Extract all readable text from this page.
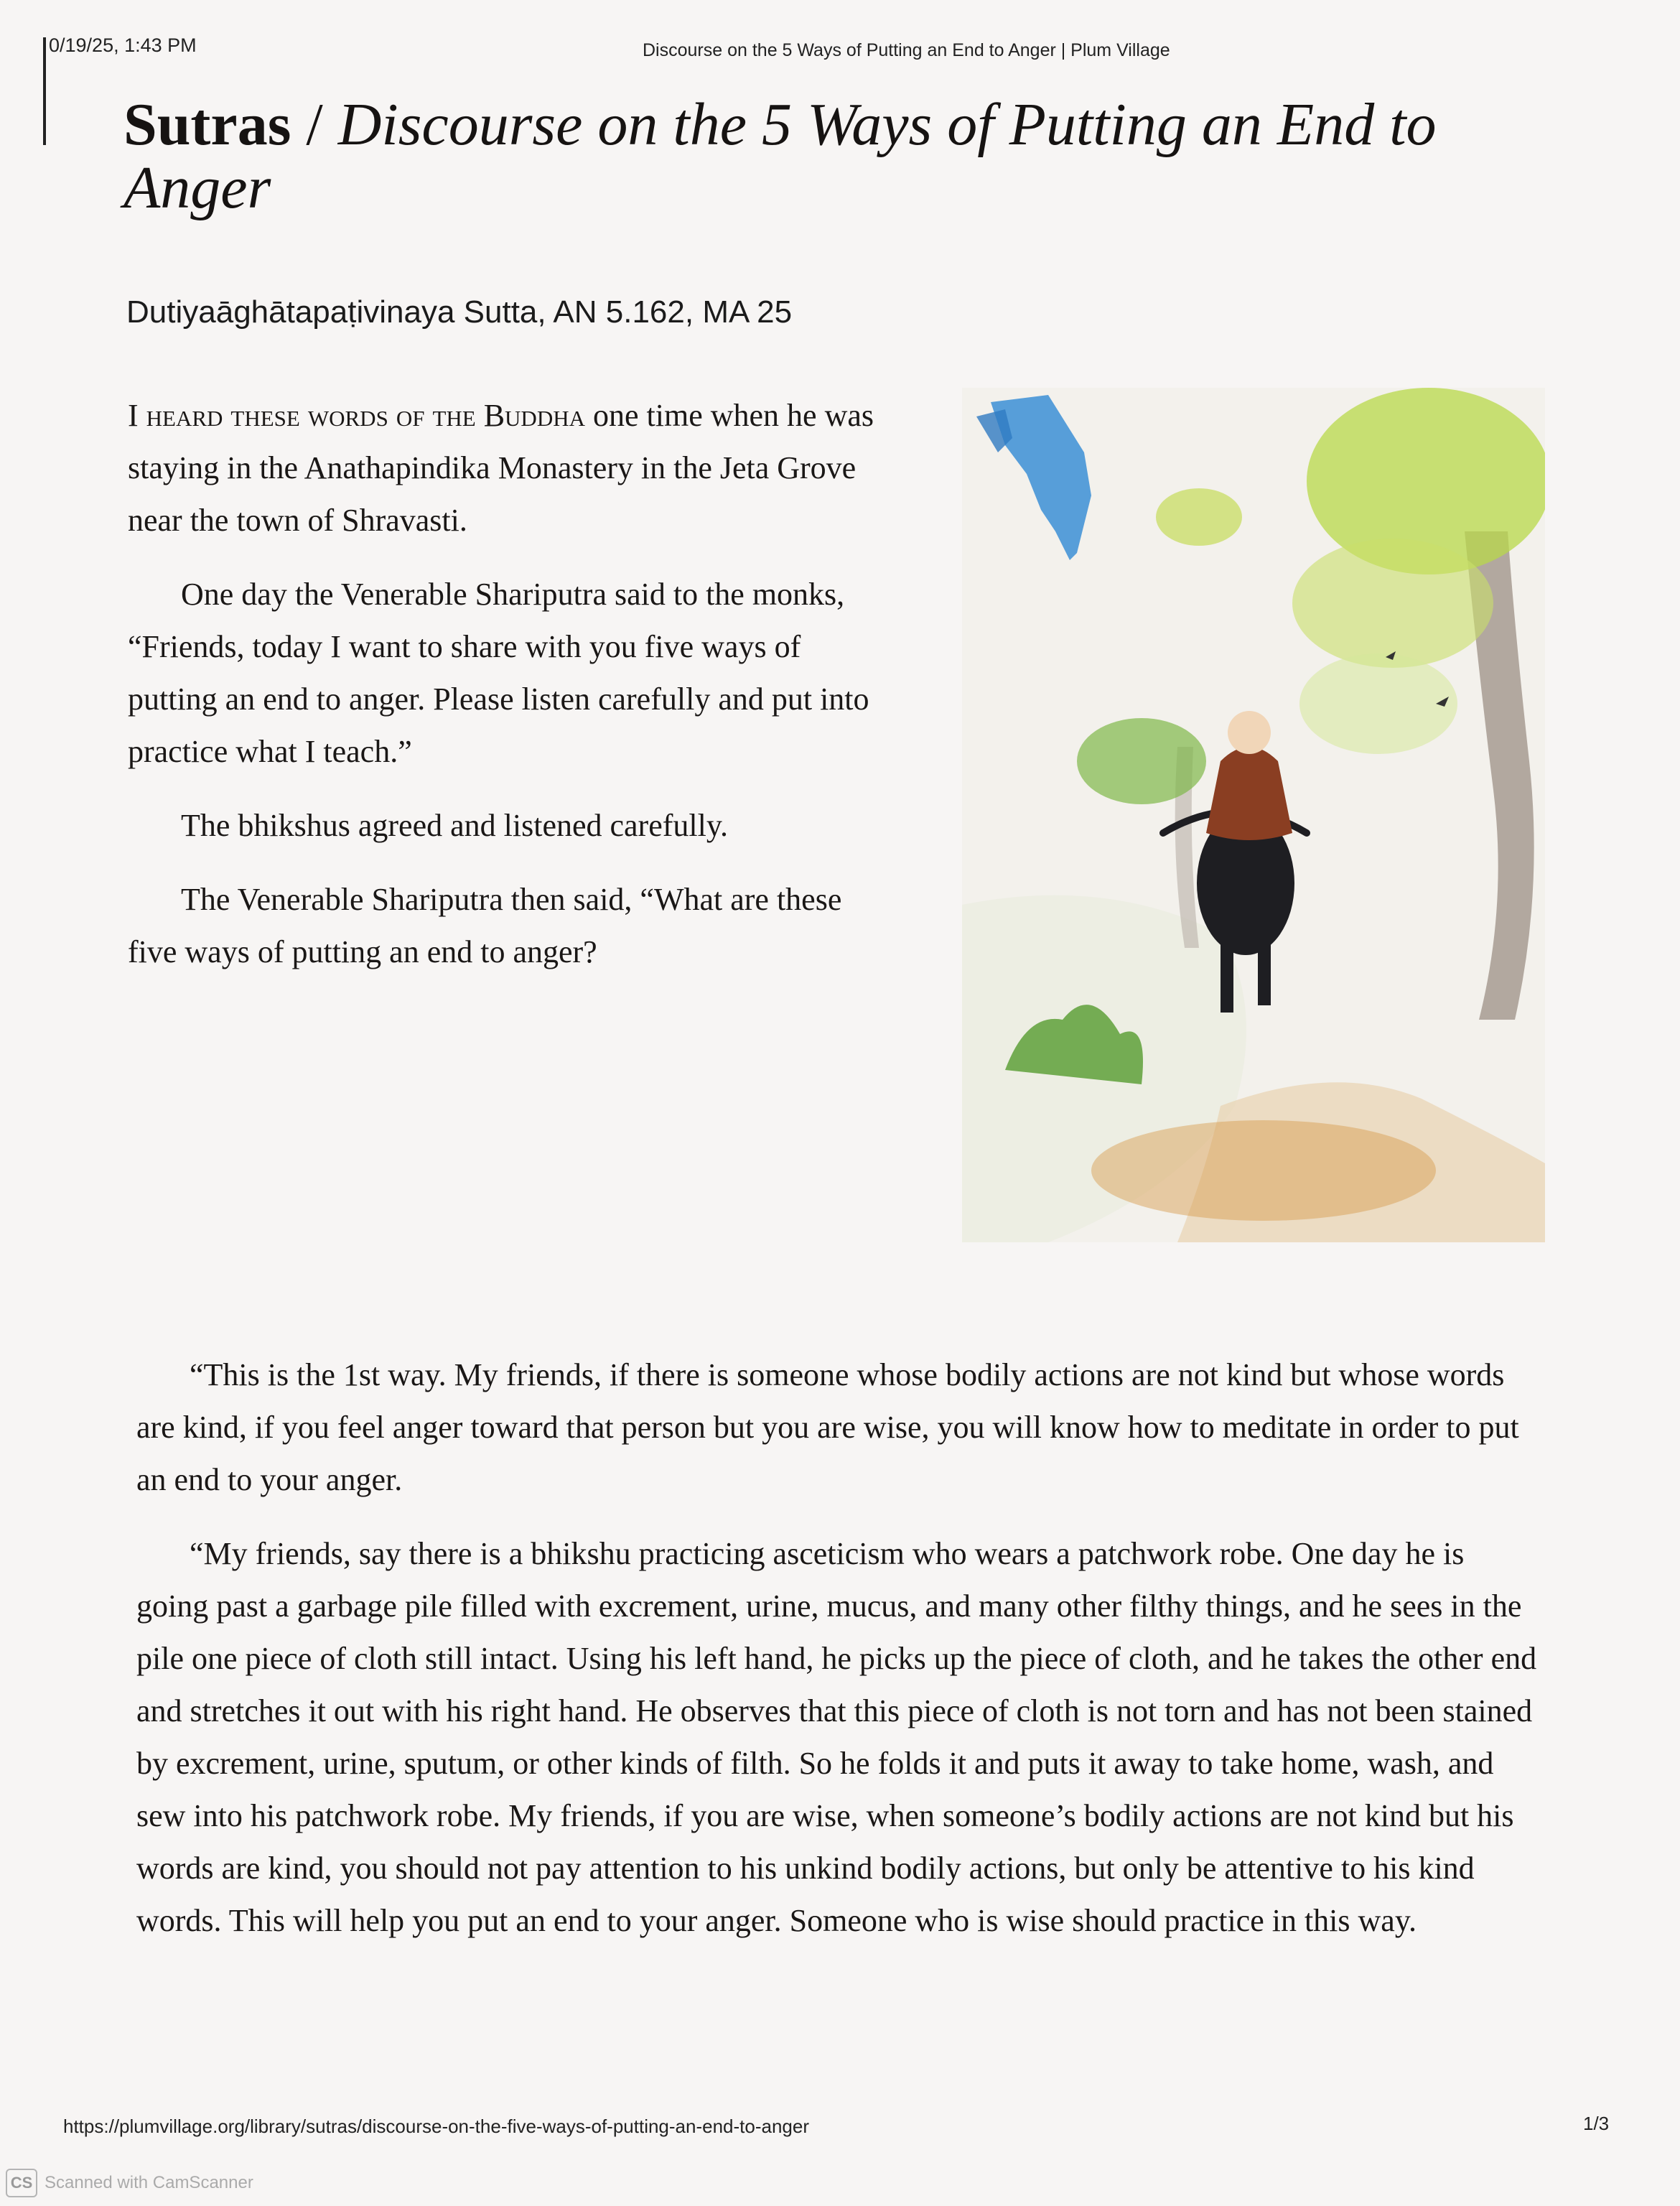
0/19/25, 1:43 PM	Discourse on the 5 Ways of Putting an End to Anger | Plum Village
Sutras / Discourse on the 5 Ways of Putting an End to Anger
Dutiyaāghātapaṭivinaya Sutta, AN 5.162, MA 25

I heard these words of the Buddha one time when he was staying in the Anathapindika Monastery in the Jeta Grove near the town of Shravasti.

One day the Venerable Shariputra said to the monks, “Friends, today I want to share with you five ways of putting an end to anger. Please listen carefully and put into practice what I teach.”

The bhikshus agreed and listened carefully.

The Venerable Shariputra then said, “What are these five ways of putting an end to anger?

“This is the 1st way. My friends, if there is someone whose bodily actions are not kind but whose words are kind, if you feel anger toward that person but you are wise, you will know how to meditate in order to put an end to your anger.

“My friends, say there is a bhikshu practicing asceticism who wears a patchwork robe. One day he is going past a garbage pile filled with excrement, urine, mucus, and many other filthy things, and he sees in the pile one piece of cloth still intact. Using his left hand, he picks up the piece of cloth, and he takes the other end and stretches it out with his right hand. He observes that this piece of cloth is not torn and has not been stained by excrement, urine, sputum, or other kinds of filth. So he folds it and puts it away to take home, wash, and sew into his patchwork robe. My friends, if you are wise, when someone’s bodily actions are not kind but his words are kind, you should not pay attention to his unkind bodily actions, but only be attentive to his kind words. This will help you put an end to your anger. Someone who is wise should practice in this way.

https://plumvillage.org/library/sutras/discourse-on-the-five-ways-of-putting-an-end-to-anger	1/3
CS Scanned with CamScanner
